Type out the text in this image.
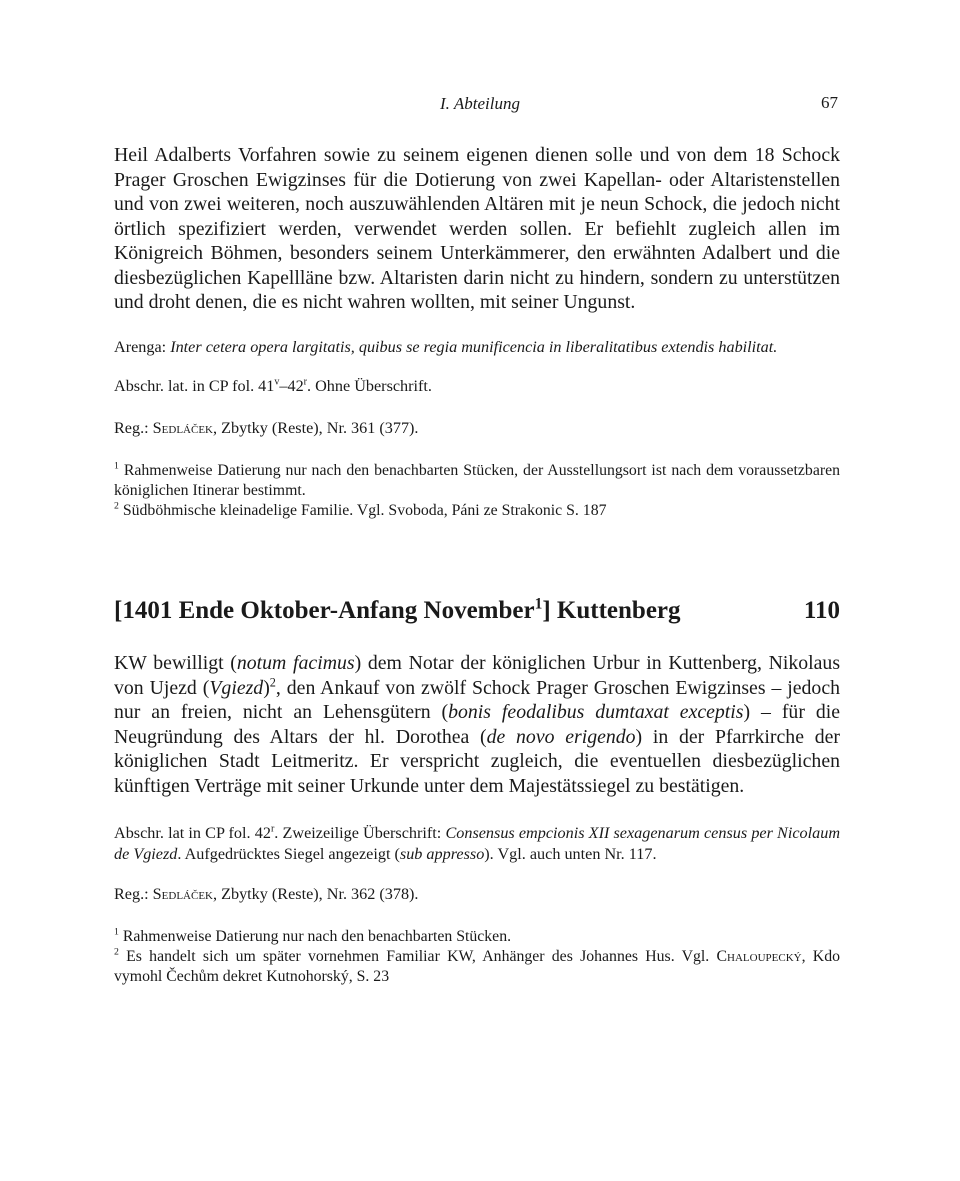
I. Abteilung	67

Heil Adalberts Vorfahren sowie zu seinem eigenen dienen solle und von dem 18 Schock Prager Groschen Ewigzinses für die Dotierung von zwei Kapellan- oder Altaristenstellen und von zwei weiteren, noch auszuwählenden Altären mit je neun Schock, die jedoch nicht örtlich spezifiziert werden, verwendet werden sollen. Er befiehlt zugleich allen im Königreich Böhmen, besonders seinem Unterkämmerer, den erwähnten Adalbert und die diesbezüglichen Kapellläne bzw. Altaristen darin nicht zu hindern, sondern zu unterstützen und droht denen, die es nicht wahren wollten, mit seiner Ungunst.

Arenga: Inter cetera opera largitatis, quibus se regia munificencia in liberalitatibus extendis habilitat.

Abschr. lat. in CP fol. 41$^v$–42$^r$. Ohne Überschrift.

Reg.: Sedláček, Zbytky (Reste), Nr. 361 (377).

$^1$ Rahmenweise Datierung nur nach den benachbarten Stücken, der Ausstellungsort ist nach dem voraussetzbaren königlichen Itinerar bestimmt.

$^2$ Südböhmische kleinadelige Familie. Vgl. Svoboda, Páni ze Strakonic S. 187

[1401 Ende Oktober-Anfang November$^1$] Kuttenberg	110

KW bewilligt (notum facimus) dem Notar der königlichen Urbur in Kuttenberg, Nikolaus von Ujezd (Vgiezd)$^2$, den Ankauf von zwölf Schock Prager Groschen Ewigzinses – jedoch nur an freien, nicht an Lehensgütern (bonis feodalibus dumtaxat exceptis) – für die Neugründung des Altars der hl. Dorothea (de novo erigendo) in der Pfarrkirche der königlichen Stadt Leitmeritz. Er verspricht zugleich, die eventuellen diesbezüglichen künftigen Verträge mit seiner Urkunde unter dem Majestätssiegel zu bestätigen.

Abschr. lat in CP fol. 42$^r$. Zweizeilige Überschrift: Consensus empcionis XII sexagenarum census per Nicolaum de Vgiezd. Aufgedrücktes Siegel angezeigt (sub appresso). Vgl. auch unten Nr. 117.

Reg.: Sedláček, Zbytky (Reste), Nr. 362 (378).

$^1$ Rahmenweise Datierung nur nach den benachbarten Stücken.

$^2$ Es handelt sich um später vornehmen Familiar KW, Anhänger des Johannes Hus. Vgl. Chaloupecký, Kdo vymohl Čechům dekret Kutnohorský, S. 23
